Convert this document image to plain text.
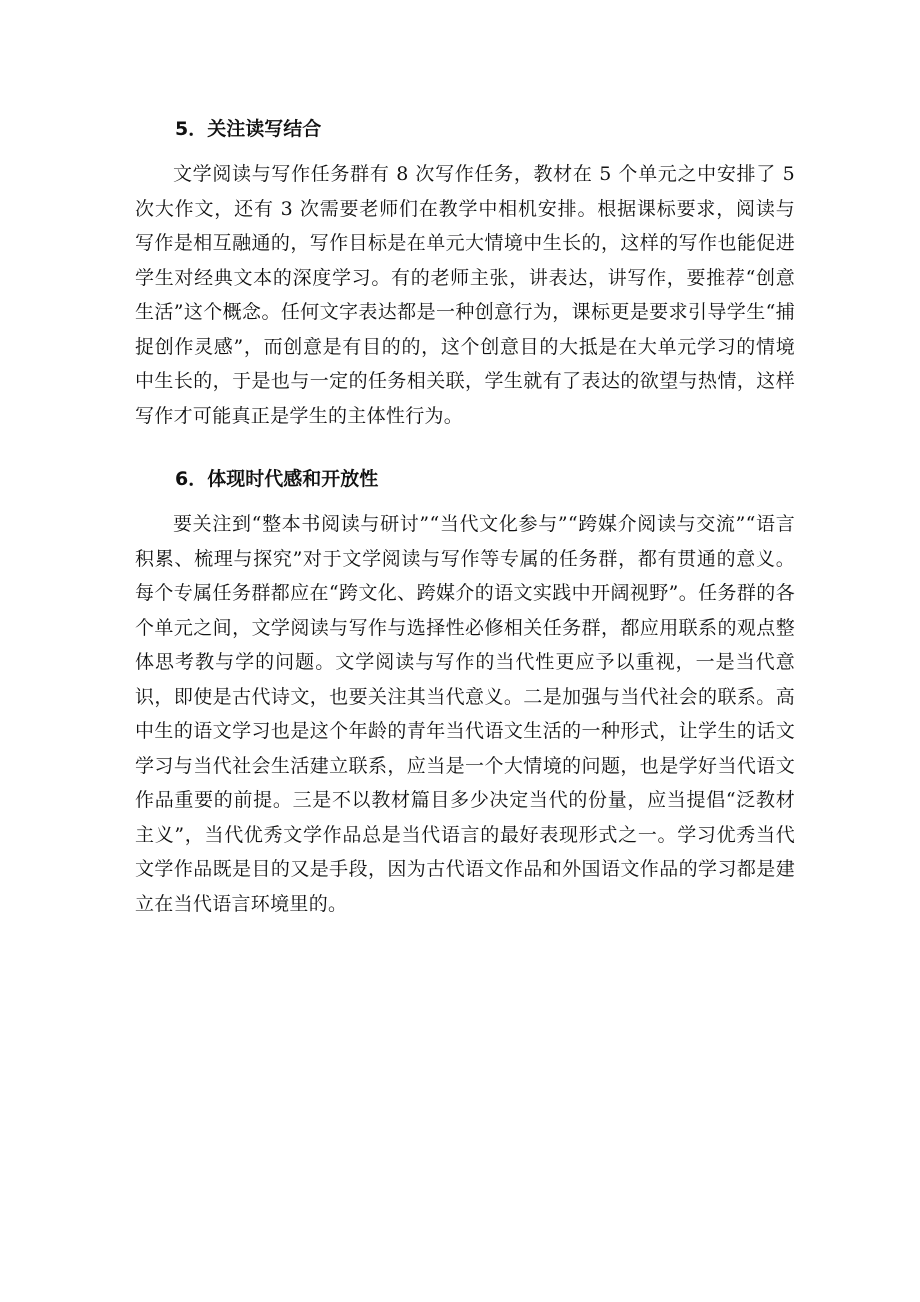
5．关注读写结合

文学阅读与写作任务群有 8 次写作任务，教材在 5 个单元之中安排了 5 次大作文，还有 3 次需要老师们在教学中相机安排。根据课标要求，阅读与写作是相互融通的，写作目标是在单元大情境中生长的，这样的写作也能促进学生对经典文本的深度学习。有的老师主张，讲表达，讲写作，要推荐“创意生活”这个概念。任何文字表达都是一种创意行为，课标更是要求引导学生“捕捉创作灵感”，而创意是有目的的，这个创意目的大抵是在大单元学习的情境中生长的，于是也与一定的任务相关联，学生就有了表达的欲望与热情，这样写作才可能真正是学生的主体性行为。

6．体现时代感和开放性

要关注到“整本书阅读与研讨”“当代文化参与”“跨媒介阅读与交流”“语言积累、梳理与探究”对于文学阅读与写作等专属的任务群，都有贯通的意义。每个专属任务群都应在“跨文化、跨媒介的语文实践中开阔视野”。任务群的各个单元之间，文学阅读与写作与选择性必修相关任务群，都应用联系的观点整体思考教与学的问题。文学阅读与写作的当代性更应予以重视，一是当代意识，即使是古代诗文，也要关注其当代意义。二是加强与当代社会的联系。高中生的语文学习也是这个年龄的青年当代语文生活的一种形式，让学生的话文学习与当代社会生活建立联系，应当是一个大情境的问题，也是学好当代语文作品重要的前提。三是不以教材篇目多少决定当代的份量，应当提倡“泛教材主义”，当代优秀文学作品总是当代语言的最好表现形式之一。学习优秀当代文学作品既是目的又是手段，因为古代语文作品和外国语文作品的学习都是建立在当代语言环境里的。
